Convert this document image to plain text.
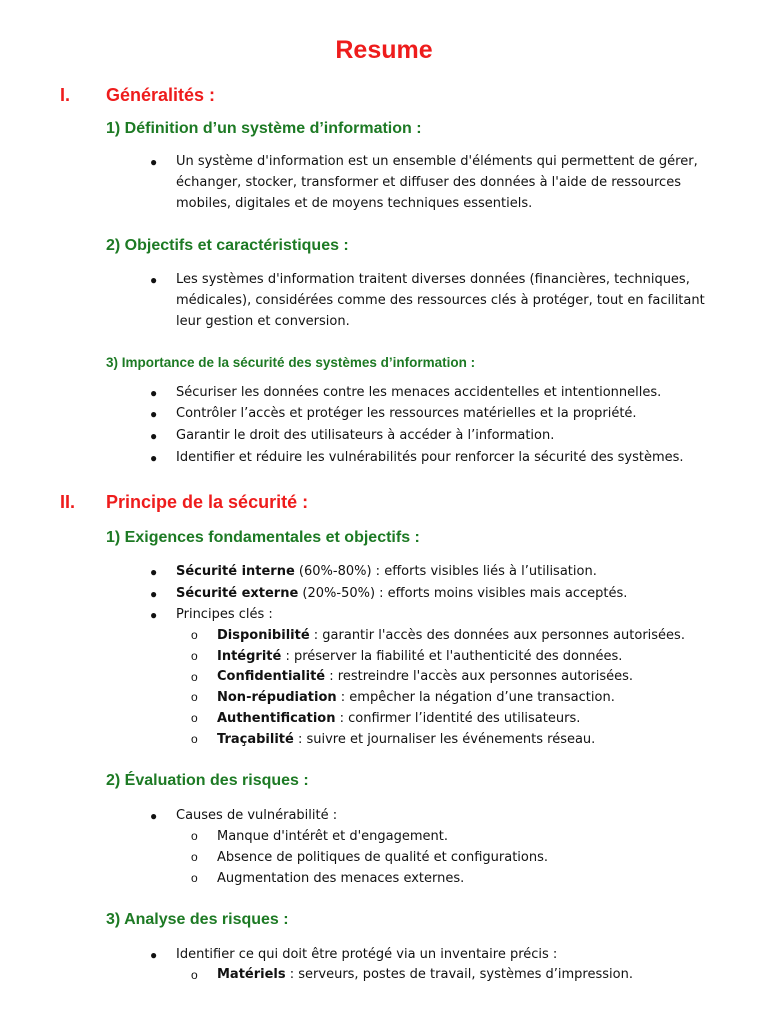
Resume
I. Généralités :
1) Définition d’un système d’information :
● Un système d'information est un ensemble d'éléments qui permettent de gérer, échanger, stocker, transformer et diffuser des données à l'aide de ressources mobiles, digitales et de moyens techniques essentiels.
2) Objectifs et caractéristiques :
● Les systèmes d'information traitent diverses données (financières, techniques, médicales), considérées comme des ressources clés à protéger, tout en facilitant leur gestion et conversion.
3) Importance de la sécurité des systèmes d’information :
● Sécuriser les données contre les menaces accidentelles et intentionnelles.
● Contrôler l’accès et protéger les ressources matérielles et la propriété.
● Garantir le droit des utilisateurs à accéder à l’information.
● Identifier et réduire les vulnérabilités pour renforcer la sécurité des systèmes.
II. Principe de la sécurité :
1) Exigences fondamentales et objectifs :
● Sécurité interne (60%-80%) : efforts visibles liés à l’utilisation.
● Sécurité externe (20%-50%) : efforts moins visibles mais acceptés.
● Principes clés :
o Disponibilité : garantir l'accès des données aux personnes autorisées.
o Intégrité : préserver la fiabilité et l'authenticité des données.
o Confidentialité : restreindre l'accès aux personnes autorisées.
o Non-répudiation : empêcher la négation d’une transaction.
o Authentification : confirmer l’identité des utilisateurs.
o Traçabilité : suivre et journaliser les événements réseau.
2) Évaluation des risques :
● Causes de vulnérabilité :
o Manque d'intérêt et d'engagement.
o Absence de politiques de qualité et configurations.
o Augmentation des menaces externes.
3) Analyse des risques :
● Identifier ce qui doit être protégé via un inventaire précis :
o Matériels : serveurs, postes de travail, systèmes d’impression.
